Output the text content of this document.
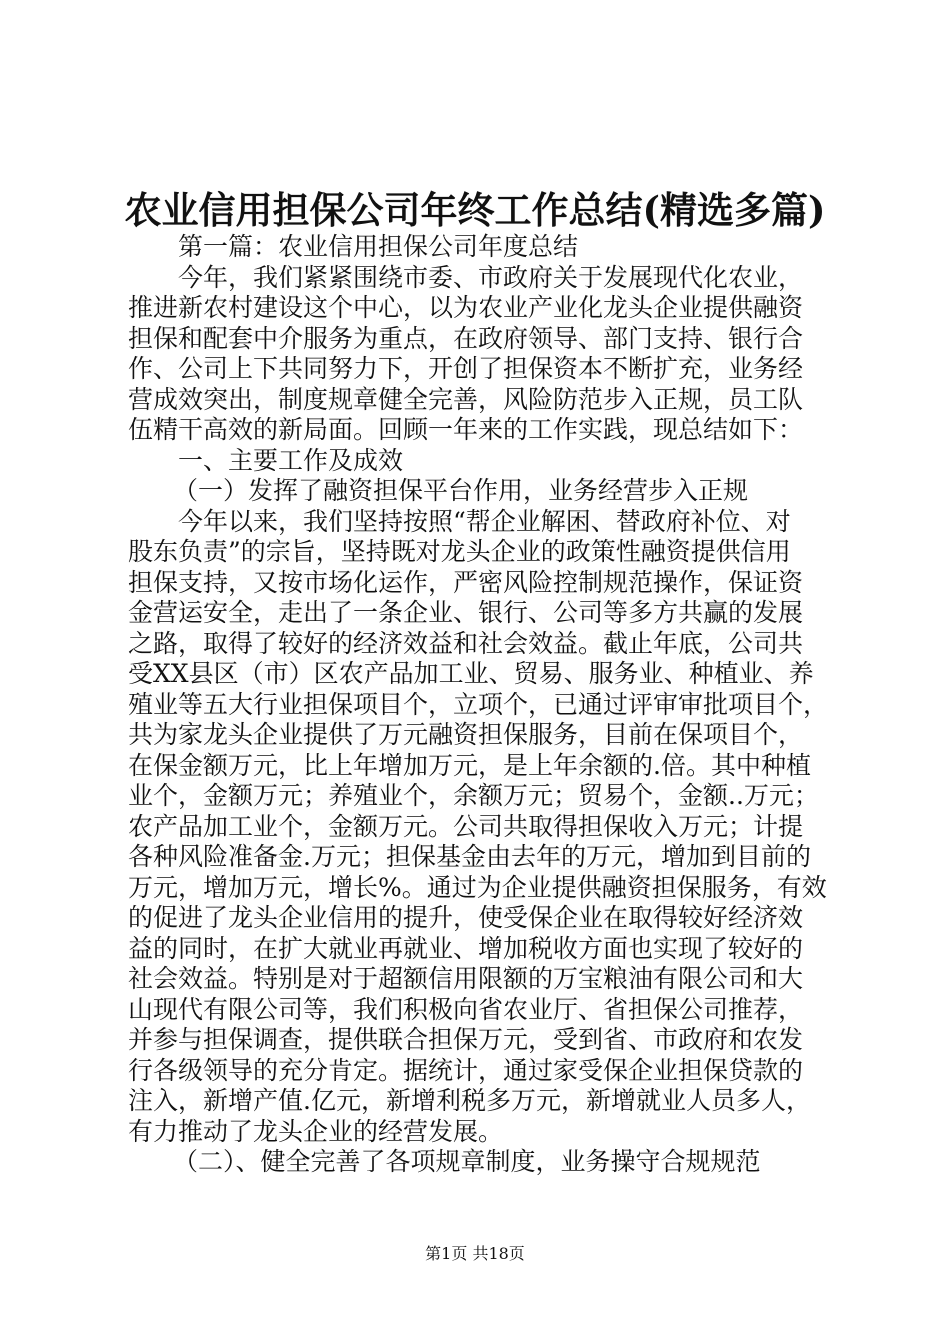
农业信用担保公司年终工作总结(精选多篇)
第一篇：农业信用担保公司年度总结
今年，我们紧紧围绕市委、市政府关于发展现代化农业，
推进新农村建设这个中心，以为农业产业化龙头企业提供融资
担保和配套中介服务为重点，在政府领导、部门支持、银行合
作、公司上下共同努力下，开创了担保资本不断扩充，业务经
营成效突出，制度规章健全完善，风险防范步入正规，员工队
伍精干高效的新局面。回顾一年来的工作实践，现总结如下：
一、主要工作及成效
（一）发挥了融资担保平台作用，业务经营步入正规
今年以来，我们坚持按照“帮企业解困、替政府补位、对
股东负责”的宗旨，坚持既对龙头企业的政策性融资提供信用
担保支持，又按市场化运作，严密风险控制规范操作，保证资
金营运安全，走出了一条企业、银行、公司等多方共赢的发展
之路，取得了较好的经济效益和社会效益。截止年底，公司共
受XX县区（市）区农产品加工业、贸易、服务业、种植业、养
殖业等五大行业担保项目个，立项个，已通过评审审批项目个，
共为家龙头企业提供了万元融资担保服务，目前在保项目个，
在保金额万元，比上年增加万元，是上年余额的.倍。其中种植
业个，金额万元；养殖业个，余额万元；贸易个，金额..万元；
农产品加工业个，金额万元。公司共取得担保收入万元；计提
各种风险准备金.万元；担保基金由去年的万元，增加到目前的
万元，增加万元，增长%。通过为企业提供融资担保服务，有效
的促进了龙头企业信用的提升，使受保企业在取得较好经济效
益的同时，在扩大就业再就业、增加税收方面也实现了较好的
社会效益。特别是对于超额信用限额的万宝粮油有限公司和大
山现代有限公司等，我们积极向省农业厅、省担保公司推荐，
并参与担保调查，提供联合担保万元，受到省、市政府和农发
行各级领导的充分肯定。据统计，通过家受保企业担保贷款的
注入，新增产值.亿元，新增利税多万元，新增就业人员多人，
有力推动了龙头企业的经营发展。
（二）、健全完善了各项规章制度，业务操守合规规范
第1页 共18页
